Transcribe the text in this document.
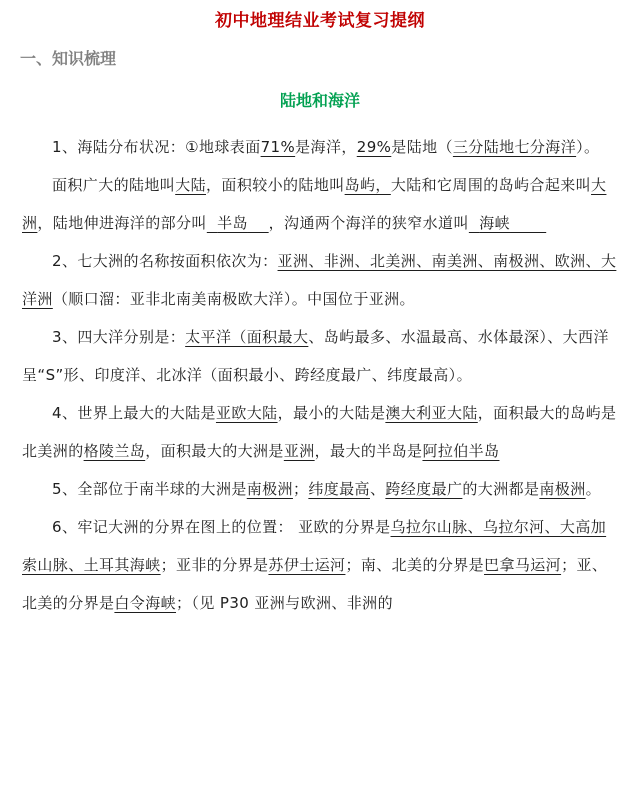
初中地理结业考试复习提纲
一、知识梳理
陆地和海洋

1、海陆分布状况：①地球表面71%是海洋，29%是陆地（三分陆地七分海洋）。

面积广大的陆地叫大陆，面积较小的陆地叫岛屿，大陆和它周围的岛屿合起来叫大洲，陆地伸进海洋的部分叫 半岛 ，沟通两个海洋的狭窄水道叫 海峡

2、七大洲的名称按面积依次为：亚洲、非洲、北美洲、南美洲、南极洲、欧洲、大洋洲（顺口溜：亚非北南美南极欧大洋）。中国位于亚洲。

3、四大洋分别是：太平洋（面积最大、岛屿最多、水温最高、水体最深）、大西洋呈“S”形、印度洋、北冰洋（面积最小、跨经度最广、纬度最高）。

4、世界上最大的大陆是亚欧大陆，最小的大陆是澳大利亚大陆，面积最大的岛屿是北美洲的格陵兰岛，面积最大的大洲是亚洲，最大的半岛是阿拉伯半岛

5、全部位于南半球的大洲是南极洲；纬度最高、跨经度最广的大洲都是南极洲。

6、牢记大洲的分界在图上的位置： 亚欧的分界是乌拉尔山脉、乌拉尔河、大高加索山脉、土耳其海峡；亚非的分界是苏伊士运河；南、北美的分界是巴拿马运河；亚、北美的分界是白令海峡；（见 P30 亚洲与欧洲、非洲的
